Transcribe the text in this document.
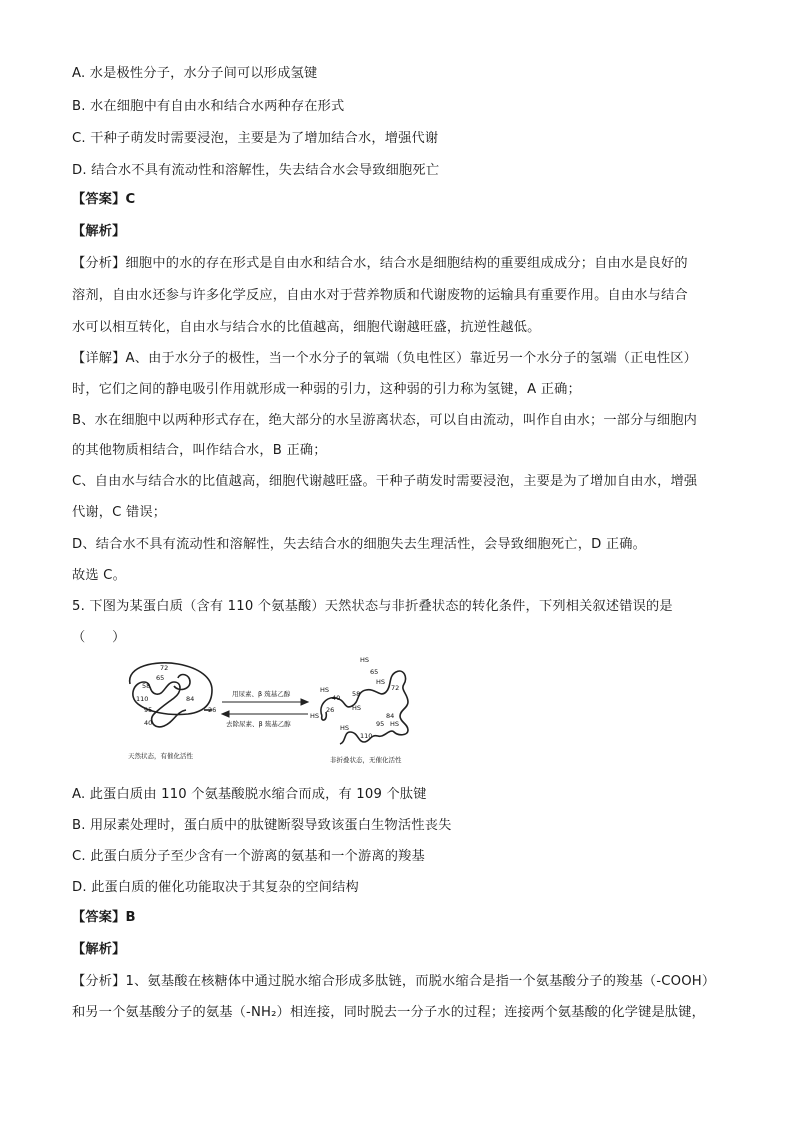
A. 水是极性分子，水分子间可以形成氢键
B. 水在细胞中有自由水和结合水两种存在形式
C. 干种子萌发时需要浸泡，主要是为了增加结合水，增强代谢
D. 结合水不具有流动性和溶解性，失去结合水会导致细胞死亡
【答案】C
【解析】
【分析】细胞中的水的存在形式是自由水和结合水，结合水是细胞结构的重要组成成分；自由水是良好的
溶剂，自由水还参与许多化学反应，自由水对于营养物质和代谢废物的运输具有重要作用。自由水与结合
水可以相互转化，自由水与结合水的比值越高，细胞代谢越旺盛，抗逆性越低。
【详解】A、由于水分子的极性，当一个水分子的氧端（负电性区）靠近另一个水分子的氢端（正电性区）
时，它们之间的静电吸引作用就形成一种弱的引力，这种弱的引力称为氢键，A 正确；
B、水在细胞中以两种形式存在，绝大部分的水呈游离状态，可以自由流动，叫作自由水；一部分与细胞内
的其他物质相结合，叫作结合水，B 正确；
C、自由水与结合水的比值越高，细胞代谢越旺盛。干种子萌发时需要浸泡，主要是为了增加自由水，增强
代谢，C 错误；
D、结合水不具有流动性和溶解性，失去结合水的细胞失去生理活性，会导致细胞死亡，D 正确。
故选 C。
5. 下图为某蛋白质（含有 110 个氨基酸）天然状态与非折叠状态的转化条件，下列相关叙述错误的是
（　　）
72
65
58
110
95
84
40
26
天然状态，有催化活性
用尿素、β 巯基乙醇
去除尿素、β 巯基乙醇
HS
65
HS
72
HS
40 58
HS
26
HS	84
HS
95
HS
110
非折叠状态，无催化活性
A. 此蛋白质由 110 个氨基酸脱水缩合而成，有 109 个肽键
B. 用尿素处理时，蛋白质中的肽键断裂导致该蛋白生物活性丧失
C. 此蛋白质分子至少含有一个游离的氨基和一个游离的羧基
D. 此蛋白质的催化功能取决于其复杂的空间结构
【答案】B
【解析】
【分析】1、氨基酸在核糖体中通过脱水缩合形成多肽链，而脱水缩合是指一个氨基酸分子的羧基（-COOH）
和另一个氨基酸分子的氨基（-NH₂）相连接，同时脱去一分子水的过程；连接两个氨基酸的化学键是肽键，
